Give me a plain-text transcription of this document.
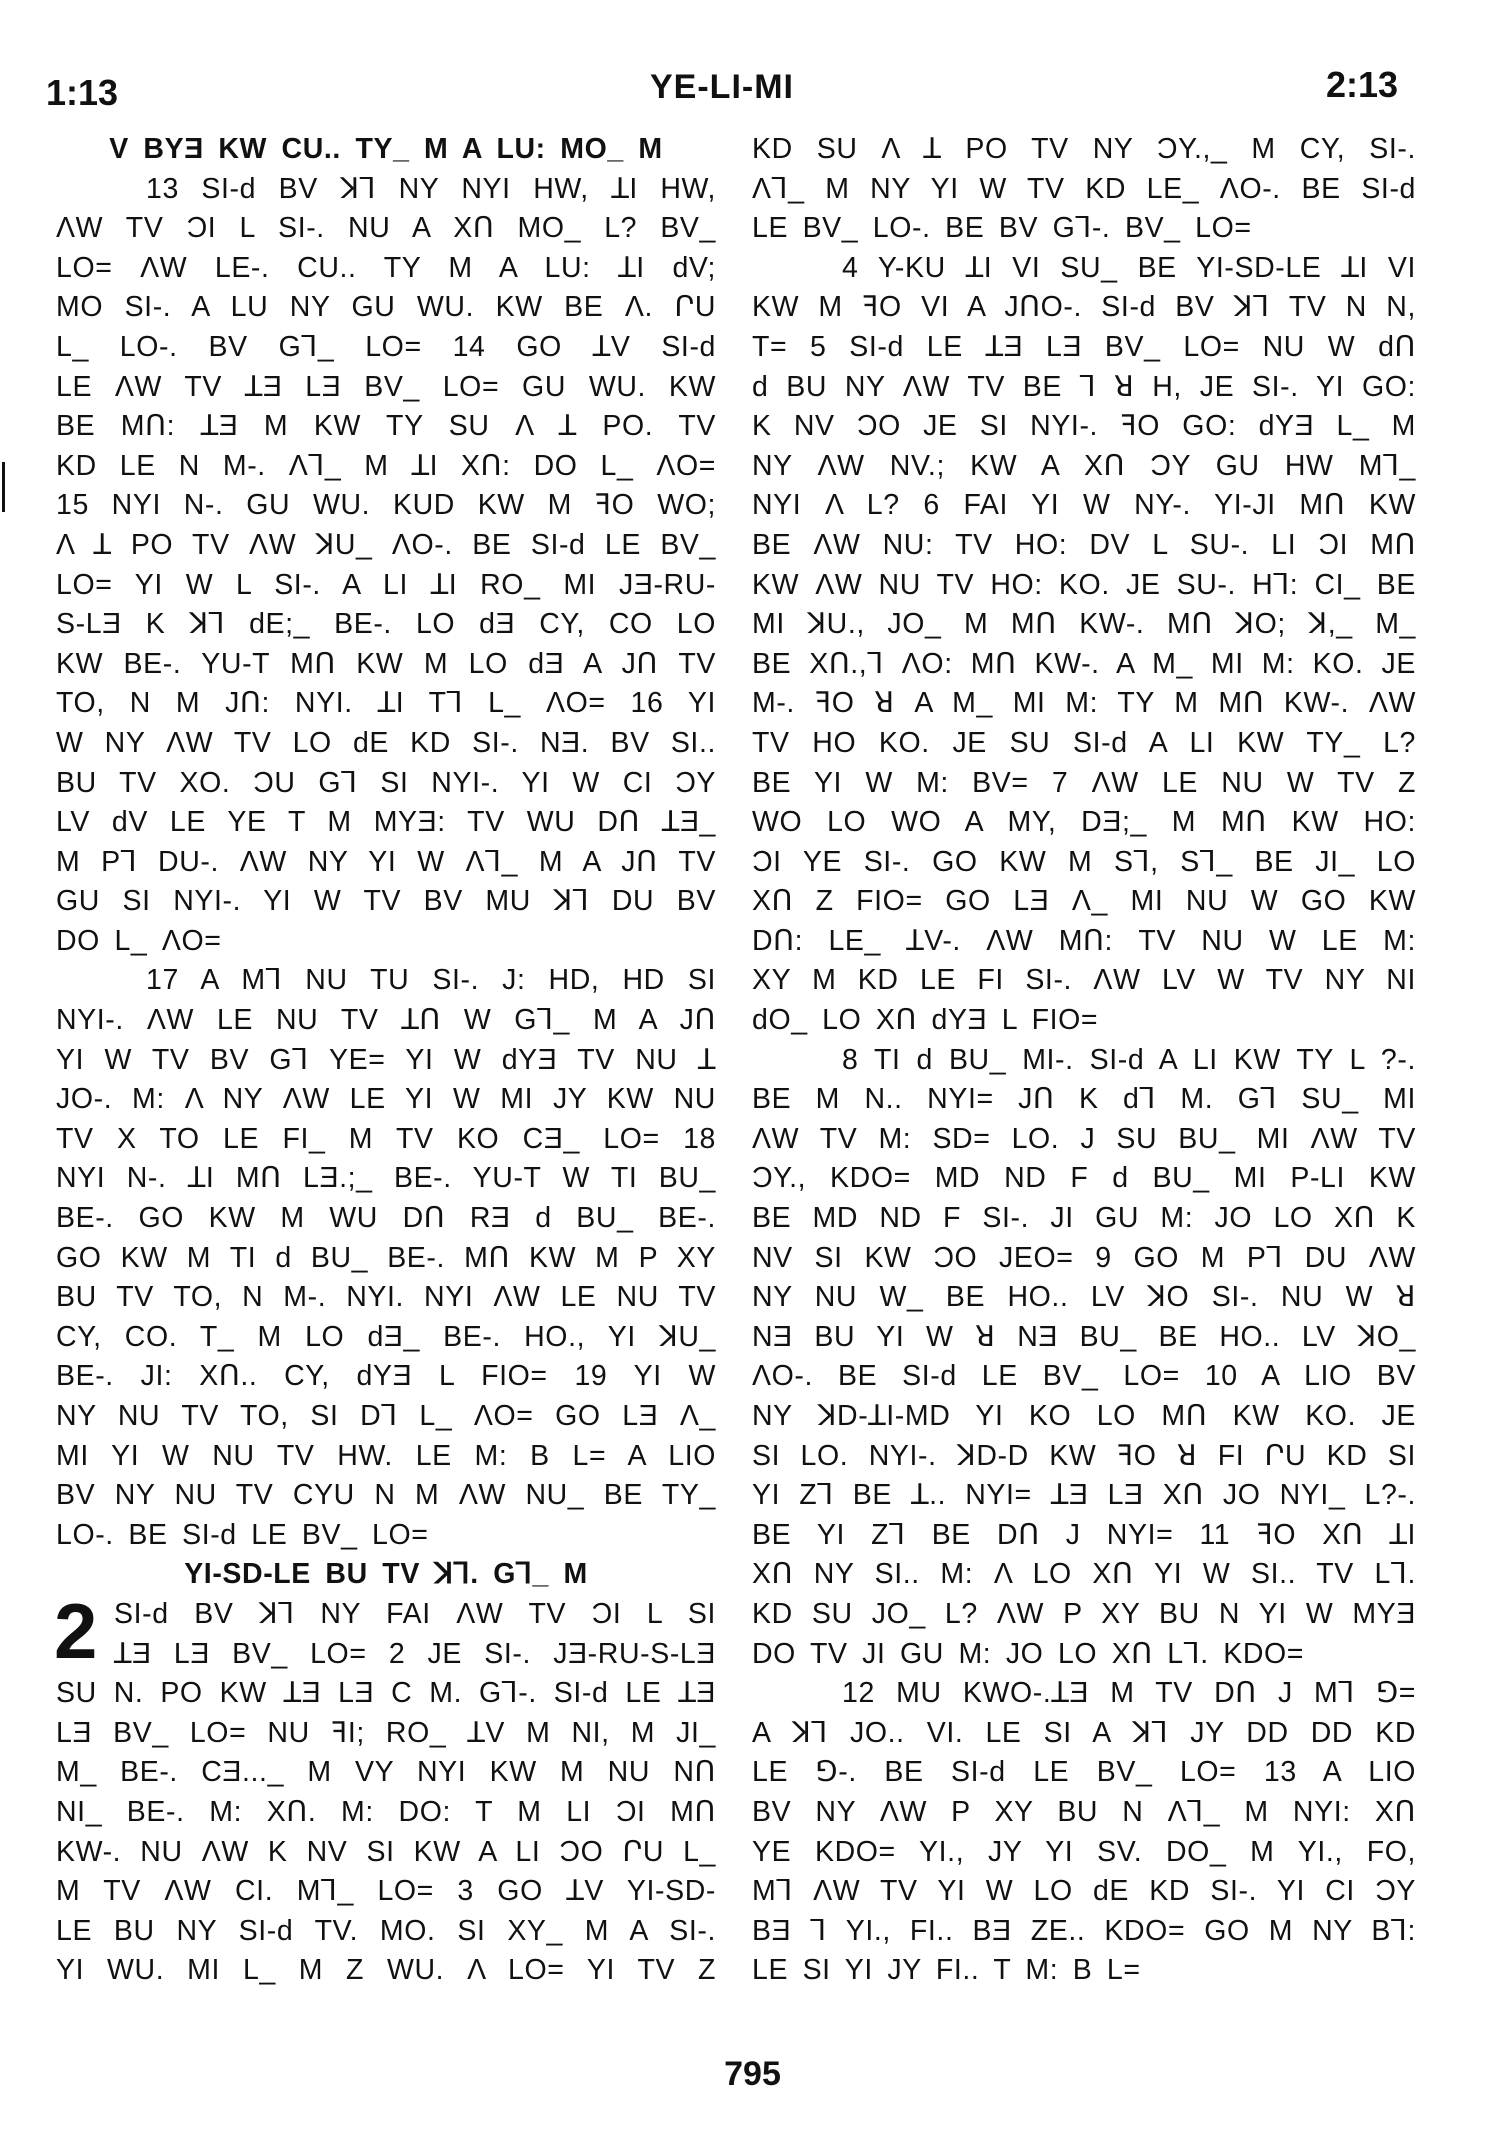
1:13	YE-LI-MI	2:13
V BYƎ KW CU.. TY_ M A LU: MO_ M
13 SI-d BV ꓘꓶ NY NYI HW, ꓕI HW,
ΛW TV ƆI L SI-. NU A XՈ MO_ L? BV_
LO= ΛW LE-. CU.. TY M A LU: ꓕI dV;
MO SI-. A LU NY GU WU. KW BE Λ. ՐU
L_ LO-. BV Gꓶ_ LO= 14 GO ꓕV SI-d
LE ΛW TV ꓕƎ LƎ BV_ LO= GU WU. KW
BE MՈ: ꓕƎ M KW TY SU Λ ꓕ PO. TV
KD LE N M-. Λꓶ_ M ꓕI XՈ: DO L_ ΛO=
15 NYI N-. GU WU. KUD KW M ꟻO WO;
Λ ꓕ PO TV ΛW ꓘU_ ΛO-. BE SI-d LE BV_
LO= YI W L SI-. A LI ꓕI RO_ MI JƎ-RU-
S-LƎ K ꓘꓶ dE;_ BE-. LO dƎ CY, CO LO
KW BE-. YU-T MՈ KW M LO dƎ A JՈ TV
TO, N M JՈ: NYI. ꓕI Tꓶ L_ ΛO= 16 YI
W NY ΛW TV LO dE KD SI-. NƎ. BV SI..
BU TV XO. ƆU Gꓶ SI NYI-. YI W CI ƆY
LV dV LE YE T M MYƎ: TV WU DՈ ꓕƎ_
M Pꓶ DU-. ΛW NY YI W Λꓶ_ M A JՈ TV
GU SI NYI-. YI W TV BV MU ꓘꓶ DU BV
DO L_ ΛO=
17 A Mꓶ NU TU SI-. J: HD, HD SI
NYI-. ΛW LE NU TV ꓕՈ W Gꓶ_ M A JՈ
YI W TV BV Gꓶ YE= YI W dYƎ TV NU ꓕ
JO-. M: Λ NY ΛW LE YI W MI JY KW NU
TV X TO LE FI_ M TV KO CƎ_ LO= 18
NYI N-. ꓕI MՈ LƎ.;_ BE-. YU-T W TI BU_
BE-. GO KW M WU DՈ RƎ d BU_ BE-.
GO KW M TI d BU_ BE-. MՈ KW M P XY
BU TV TO, N M-. NYI. NYI ΛW LE NU TV
CY, CO. T_ M LO dƎ_ BE-. HO., YI ꓘU_
BE-. JI: XՈ.. CY, dYƎ L FIO= 19 YI W
NY NU TV TO, SI Dꓶ L_ ΛO= GO LƎ Λ_
MI YI W NU TV HW. LE M: B L= A LIO
BV NY NU TV CYU N M ΛW NU_ BE TY_
LO-. BE SI-d LE BV_ LO=
YI-SD-LE BU TV ꓘꓶ. Gꓶ_ M
2 SI-d BV ꓘꓶ NY FAI ΛW TV ƆI L SI
ꓕƎ LƎ BV_ LO= 2 JE SI-. JƎ-RU-S-LƎ
SU N. PO KW ꓕƎ LƎ C M. Gꓶ-. SI-d LE ꓕƎ
LƎ BV_ LO= NU ꟻI; RO_ ꓕV M NI, M JI_
M_ BE-. CƎ..._ M VY NYI KW M NU NՈ
NI_ BE-. M: XՈ. M: DO: T M LI ƆI MՈ
KW-. NU ΛW K NV SI KW A LI ƆO ՐU L_
M TV ΛW CI. Mꓶ_ LO= 3 GO ꓕV YI-SD-
LE BU NY SI-d TV. MO. SI XY_ M A SI-.
YI WU. MI L_ M Z WU. Λ LO= YI TV Z
KD SU Λ ꓕ PO TV NY ƆY.,_ M CY, SI-.
Λꓶ_ M NY YI W TV KD LE_ ΛO-. BE SI-d
LE BV_ LO-. BE BV Gꓶ-. BV_ LO=
4 Y-KU ꓕI VI SU_ BE YI-SD-LE ꓕI VI
KW M ꟻO VI A JՈO-. SI-d BV ꓘꓶ TV N N,
T= 5 SI-d LE ꓕƎ LƎ BV_ LO= NU W dՈ
d BU NY ΛW TV BE ꓶ ꓤ H, JE SI-. YI GO:
K NV ƆO JE SI NYI-. ꟻO GO: dYƎ L_ M
NY ΛW NV.; KW A XՈ ƆY GU HW Mꓶ_
NYI Λ L? 6 FAI YI W NY-. YI-JI MՈ KW
BE ΛW NU: TV HO: DV L SU-. LI ƆI MՈ
KW ΛW NU TV HO: KO. JE SU-. Hꓶ: CI_ BE
MI ꓘU., JO_ M MՈ KW-. MՈ ꓘO; ꓘ,_ M_
BE XՈ.,ꓶ ΛO: MՈ KW-. A M_ MI M: KO. JE
M-. ꟻO ꓤ A M_ MI M: TY M MՈ KW-. ΛW
TV HO KO. JE SU SI-d A LI KW TY_ L?
BE YI W M: BV= 7 ΛW LE NU W TV Z
WO LO WO A MY, DƎ;_ M MՈ KW HO:
ƆI YE SI-. GO KW M Sꓶ, Sꓶ_ BE JI_ LO
XՈ Z FIO= GO LƎ Λ_ MI NU W GO KW
DՈ: LE_ ꓕV-. ΛW MՈ: TV NU W LE M:
XY M KD LE FI SI-. ΛW LV W TV NY NI
dO_ LO XՈ dYƎ L FIO=
8 TI d BU_ MI-. SI-d A LI KW TY L ?-.
BE M N.. NYI= JՈ K dꓶ M. Gꓶ SU_ MI
ΛW TV M: SD= LO. J SU BU_ MI ΛW TV
ƆY., KDO= MD ND F d BU_ MI P-LI KW
BE MD ND F SI-. JI GU M: JO LO XՈ K
NV SI KW ƆO JEO= 9 GO M Pꓶ DU ΛW
NY NU W_ BE HO.. LV ꓘO SI-. NU W ꓤ
NƎ BU YI W ꓤ NƎ BU_ BE HO.. LV ꓘO_
ΛO-. BE SI-d LE BV_ LO= 10 A LIO BV
NY ꓘD-ꓕI-MD YI KO LO MՈ KW KO. JE
SI LO. NYI-. ꓘD-D KW ꟻO ꓤ FI ՐU KD SI
YI Zꓶ BE ꓕ.. NYI= ꓕƎ LƎ XՈ JO NYI_ L?-.
BE YI Zꓶ BE DՈ J NYI= 11 ꟻO XՈ ꓕI
XՈ NY SI.. M: Λ LO XՈ YI W SI.. TV Lꓶ.
KD SU JO_ L? ΛW P XY BU N YI W MYƎ
DO TV JI GU M: JO LO XՈ Lꓶ. KDO=
12 MU KWO-.ꓕƎ M TV DՈ J Mꓶ ⅁=
A ꓘꓶ JO.. VI. LE SI A ꓘꓶ JY DD DD KD
LE ⅁-. BE SI-d LE BV_ LO= 13 A LIO
BV NY ΛW P XY BU N Λꓶ_ M NYI: XՈ
YE KDO= YI., JY YI SV. DO_ M YI., FO,
Mꓶ ΛW TV YI W LO dE KD SI-. YI CI ƆY
BƎ ꓶ YI., FI.. BƎ ZE.. KDO= GO M NY Bꓶ:
LE SI YI JY FI.. T M: B L=
795
